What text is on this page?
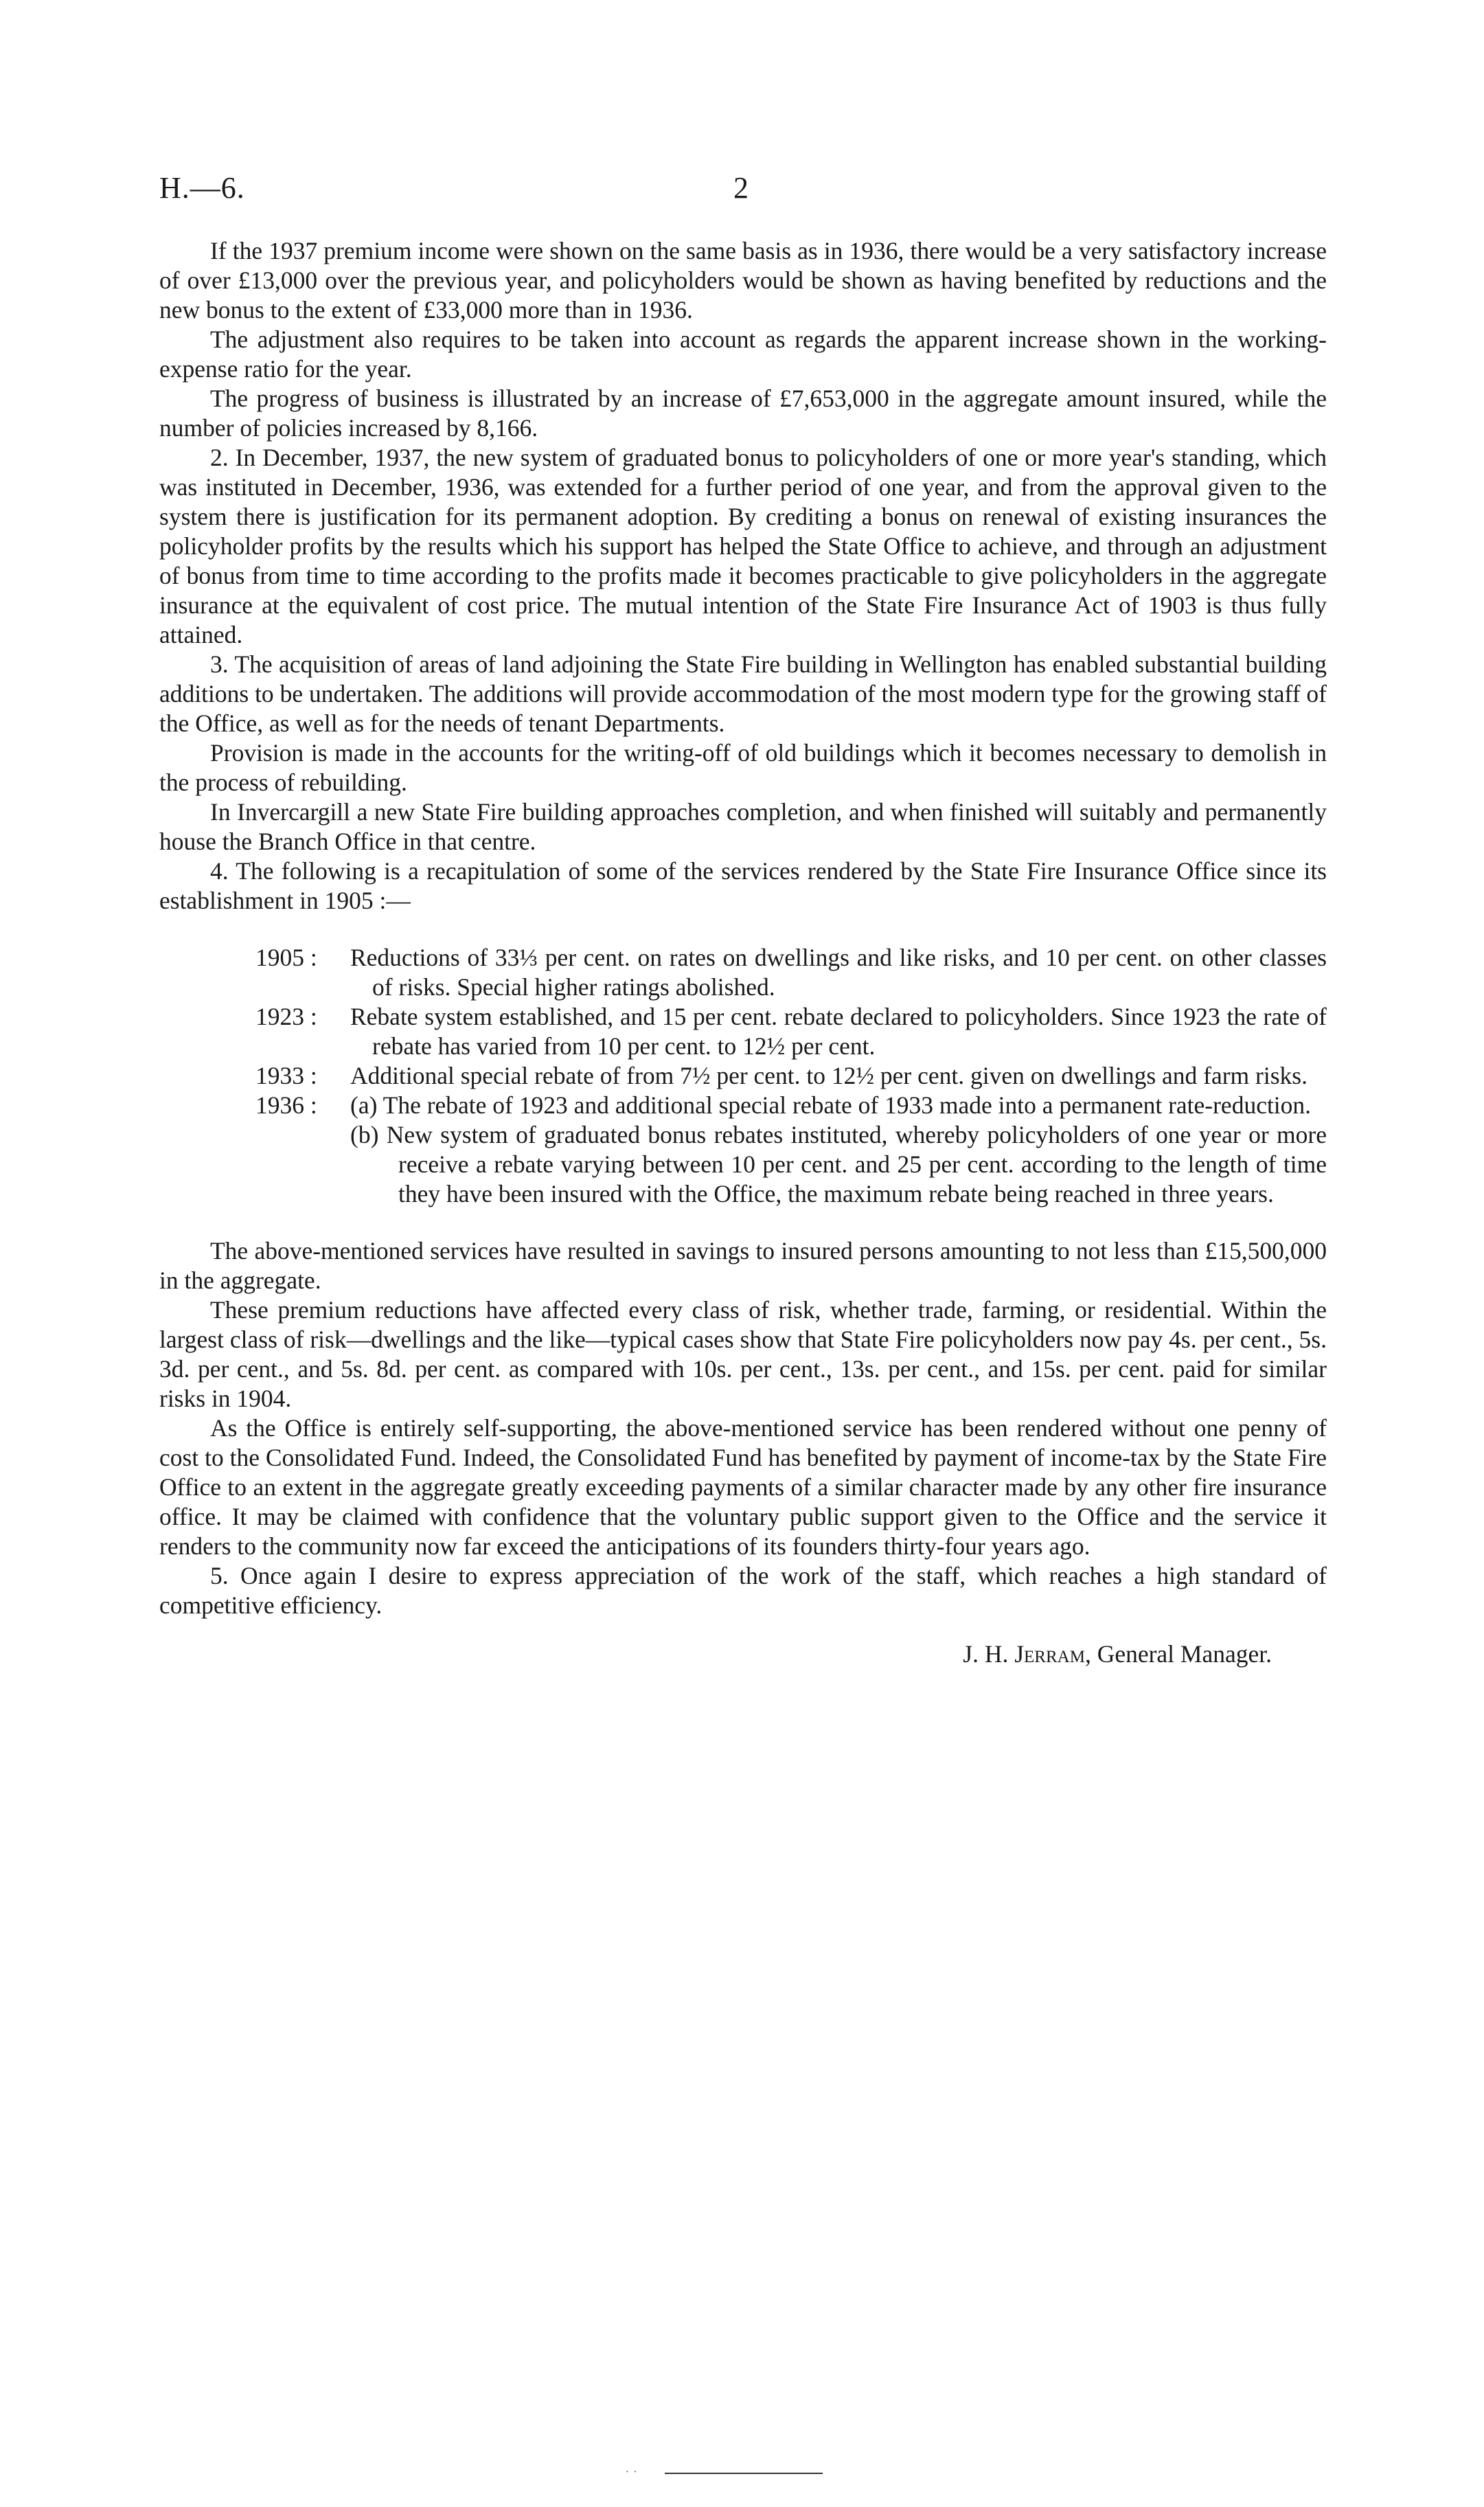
H.—6.	2

If the 1937 premium income were shown on the same basis as in 1936, there would be a very satisfactory increase of over £13,000 over the previous year, and policyholders would be shown as having benefited by reductions and the new bonus to the extent of £33,000 more than in 1936.

The adjustment also requires to be taken into account as regards the apparent increase shown in the working-expense ratio for the year.

The progress of business is illustrated by an increase of £7,653,000 in the aggregate amount insured, while the number of policies increased by 8,166.

2. In December, 1937, the new system of graduated bonus to policyholders of one or more year's standing, which was instituted in December, 1936, was extended for a further period of one year, and from the approval given to the system there is justification for its permanent adoption. By crediting a bonus on renewal of existing insurances the policyholder profits by the results which his support has helped the State Office to achieve, and through an adjustment of bonus from time to time according to the profits made it becomes practicable to give policyholders in the aggregate insurance at the equivalent of cost price. The mutual intention of the State Fire Insurance Act of 1903 is thus fully attained.

3. The acquisition of areas of land adjoining the State Fire building in Wellington has enabled substantial building additions to be undertaken. The additions will provide accommodation of the most modern type for the growing staff of the Office, as well as for the needs of tenant Departments.

Provision is made in the accounts for the writing-off of old buildings which it becomes necessary to demolish in the process of rebuilding.

In Invercargill a new State Fire building approaches completion, and when finished will suitably and permanently house the Branch Office in that centre.

4. The following is a recapitulation of some of the services rendered by the State Fire Insurance Office since its establishment in 1905 :—

1905 :	Reductions of 33⅓ per cent. on rates on dwellings and like risks, and 10 per cent. on other classes of risks. Special higher ratings abolished.
1923 :	Rebate system established, and 15 per cent. rebate declared to policyholders. Since 1923 the rate of rebate has varied from 10 per cent. to 12½ per cent.
1933 :	Additional special rebate of from 7½ per cent. to 12½ per cent. given on dwellings and farm risks.
1936 :	(a) The rebate of 1923 and additional special rebate of 1933 made into a permanent rate-reduction.
(b) New system of graduated bonus rebates instituted, whereby policyholders of one year or more receive a rebate varying between 10 per cent. and 25 per cent. according to the length of time they have been insured with the Office, the maximum rebate being reached in three years.

The above-mentioned services have resulted in savings to insured persons amounting to not less than £15,500,000 in the aggregate.

These premium reductions have affected every class of risk, whether trade, farming, or residential. Within the largest class of risk—dwellings and the like—typical cases show that State Fire policyholders now pay 4s. per cent., 5s. 3d. per cent., and 5s. 8d. per cent. as compared with 10s. per cent., 13s. per cent., and 15s. per cent. paid for similar risks in 1904.

As the Office is entirely self-supporting, the above-mentioned service has been rendered without one penny of cost to the Consolidated Fund. Indeed, the Consolidated Fund has benefited by payment of income-tax by the State Fire Office to an extent in the aggregate greatly exceeding payments of a similar character made by any other fire insurance office. It may be claimed with confidence that the voluntary public support given to the Office and the service it renders to the community now far exceed the anticipations of its founders thirty-four years ago.

5. Once again I desire to express appreciation of the work of the staff, which reaches a high standard of competitive efficiency.

J. H. Jerram, General Manager.
· ·
